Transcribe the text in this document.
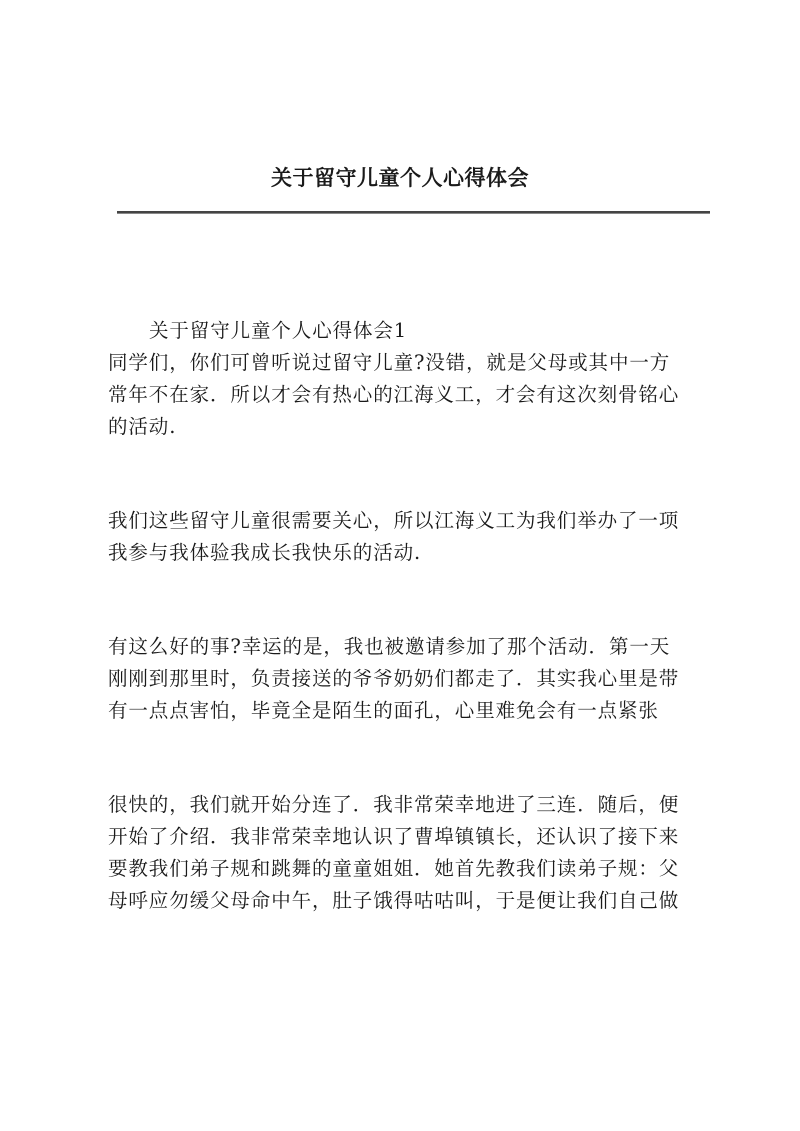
关于留守儿童个人心得体会
关于留守儿童个人心得体会1
同学们，你们可曾听说过留守儿童?没错，就是父母或其中一方
常年不在家．所以才会有热心的江海义工，才会有这次刻骨铭心
的活动.
我们这些留守儿童很需要关心，所以江海义工为我们举办了一项
我参与我体验我成长我快乐的活动.
有这么好的事?幸运的是，我也被邀请参加了那个活动．第一天
刚刚到那里时，负责接送的爷爷奶奶们都走了．其实我心里是带
有一点点害怕，毕竟全是陌生的面孔，心里难免会有一点紧张
很快的，我们就开始分连了．我非常荣幸地进了三连．随后，便
开始了介绍．我非常荣幸地认识了曹埠镇镇长，还认识了接下来
要教我们弟子规和跳舞的童童姐姐．她首先教我们读弟子规：父
母呼应勿缓父母命中午，肚子饿得咕咕叫，于是便让我们自己做
